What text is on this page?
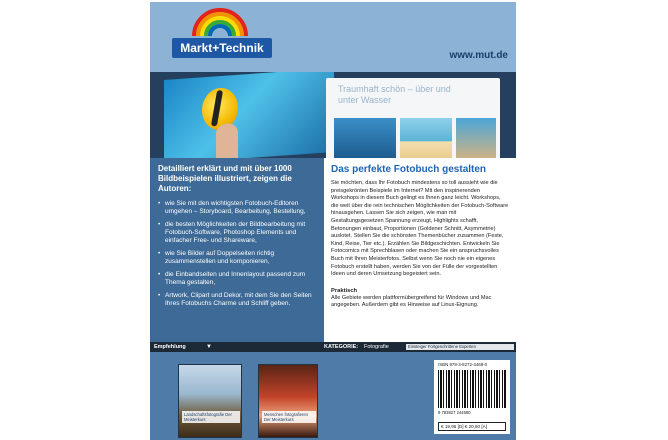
Markt+Technik
www.mut.de
Traumhaft schön – über und unter Wasser
Detailliert erklärt und mit über 1000 Bildbeispielen illustriert, zeigen die Autoren:
• wie Sie mit den wichtigsten Fotobuch-Editoren umgehen – Storyboard, Bearbeitung, Bestellung,
• die besten Möglichkeiten der Bildbearbeitung mit Fotobuch-Software, Photoshop Elements und einfacher Free- und Shareware,
• wie Sie Bilder auf Doppelseiten richtig zusammenstellen und komponieren,
• die Einbandseiten und Innenlayout passend zum Thema gestalten,
• Artwork, Clipart und Dekor, mit dem Sie den Seiten Ihres Fotobuchs Charme und Schliff geben.
Das perfekte Fotobuch gestalten
Sie möchten, dass Ihr Fotobuch mindestens so toll aussieht wie die preisgekrönten Beispiele im Internet? Mit den inspirierenden Workshops in diesem Buch gelingt es Ihnen ganz leicht. Workshops, die weit über die rein technischen Möglichkeiten der Fotobuch-Software hinausgehen. Lassen Sie sich zeigen, wie man mit Gestaltungsgesetzen Spannung erzeugt, Highlights schafft, Betonungen einbaut, Proportionen (Goldener Schnitt, Asymmetrie) auslotet. Stellen Sie die schönsten Themenbücher zusammen (Feste, Kind, Reise, Tier etc.). Erzählen Sie Bildgeschichten. Entwickeln Sie Fotocomics mit Sprechblasen oder machen Sie ein anspruchsvolles Buch mit Ihren Meisterfotos. Selbst wenn Sie noch nie ein eigenes Fotobuch erstellt haben, werden Sie von der Fülle der vorgestellten Ideen und deren Umsetzung begeistert sein.
Praktisch
Alle Gebiete werden plattformübergreifend für Windows und Mac angegeben. Außerdem gibt es Hinweise auf Linux-Eignung.
Empfehlung	▼	KATEGORIE: Fotografie	Einsteiger Fortgeschrittene Experten
Landschaftsfotografie Der Meisterkurs
Menschen fotografieren Der Meisterkurs
ISBN 978-3-8272-4468-0
9 783827 244680
€ 19,95 [D] € 20,60 [A]
